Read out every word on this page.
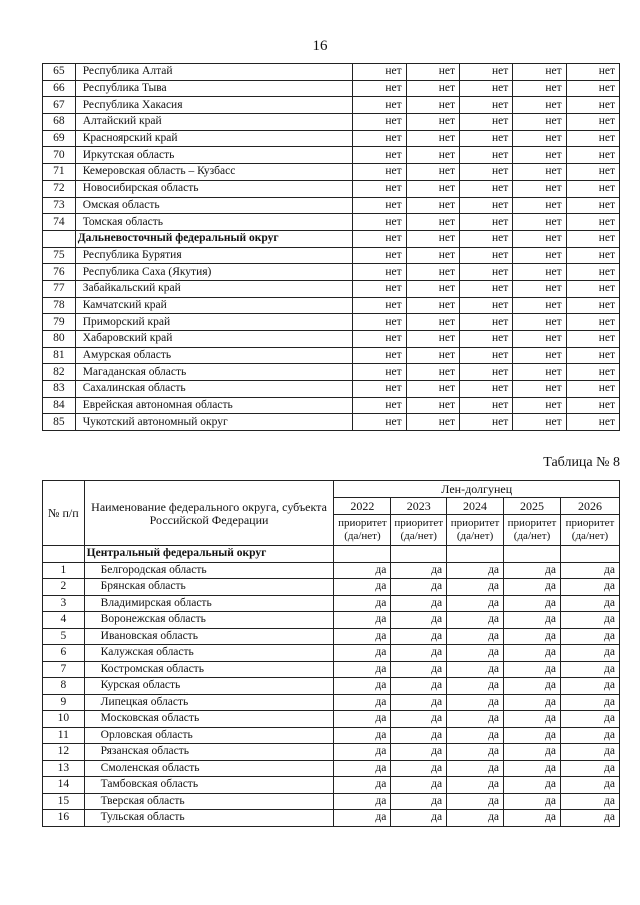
16
65	Республика Алтай	нет	нет	нет	нет	нет
66	Республика Тыва	нет	нет	нет	нет	нет
67	Республика Хакасия	нет	нет	нет	нет	нет
68	Алтайский край	нет	нет	нет	нет	нет
69	Красноярский край	нет	нет	нет	нет	нет
70	Иркутская область	нет	нет	нет	нет	нет
71	Кемеровская область – Кузбасс	нет	нет	нет	нет	нет
72	Новосибирская область	нет	нет	нет	нет	нет
73	Омская область	нет	нет	нет	нет	нет
74	Томская область	нет	нет	нет	нет	нет
	Дальневосточный федеральный округ	нет	нет	нет	нет	нет
75	Республика Бурятия	нет	нет	нет	нет	нет
76	Республика Саха (Якутия)	нет	нет	нет	нет	нет
77	Забайкальский край	нет	нет	нет	нет	нет
78	Камчатский край	нет	нет	нет	нет	нет
79	Приморский край	нет	нет	нет	нет	нет
80	Хабаровский край	нет	нет	нет	нет	нет
81	Амурская область	нет	нет	нет	нет	нет
82	Магаданская область	нет	нет	нет	нет	нет
83	Сахалинская область	нет	нет	нет	нет	нет
84	Еврейская автономная область	нет	нет	нет	нет	нет
85	Чукотский автономный округ	нет	нет	нет	нет	нет
Таблица № 8
№ п/п	Наименование федерального округа, субъекта Российской Федерации	Лен-долгунец				
		2022	2023	2024	2025	2026
		приоритет (да/нет)	приоритет (да/нет)	приоритет (да/нет)	приоритет (да/нет)	приоритет (да/нет)
	Центральный федеральный округ					
1	Белгородская область	да	да	да	да	да
2	Брянская область	да	да	да	да	да
3	Владимирская область	да	да	да	да	да
4	Воронежская область	да	да	да	да	да
5	Ивановская область	да	да	да	да	да
6	Калужская область	да	да	да	да	да
7	Костромская область	да	да	да	да	да
8	Курская область	да	да	да	да	да
9	Липецкая область	да	да	да	да	да
10	Московская область	да	да	да	да	да
11	Орловская область	да	да	да	да	да
12	Рязанская область	да	да	да	да	да
13	Смоленская область	да	да	да	да	да
14	Тамбовская область	да	да	да	да	да
15	Тверская область	да	да	да	да	да
16	Тульская область	да	да	да	да	да
